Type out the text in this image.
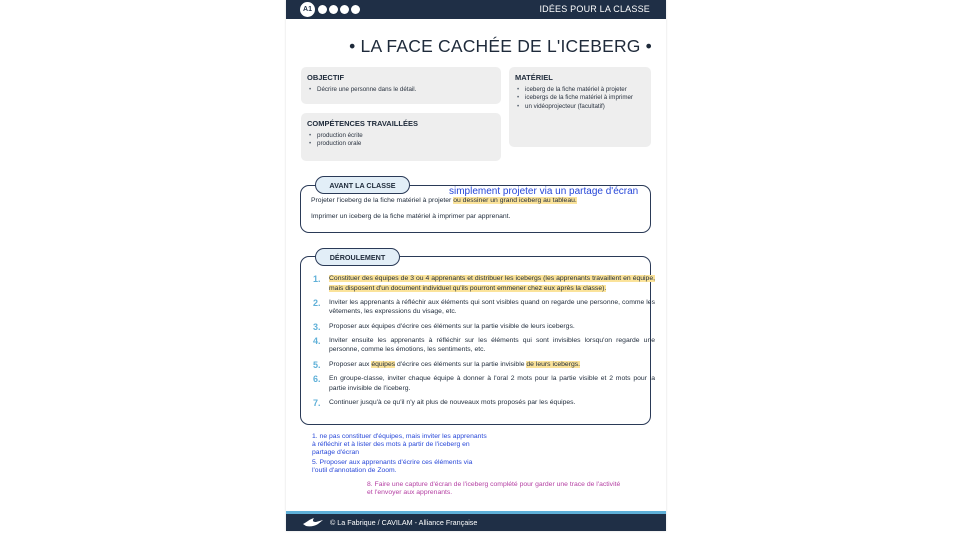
A1	IDÉES POUR LA CLASSE
• LA FACE CACHÉE DE L'ICEBERG •
OBJECTIF
• Décrire une personne dans le détail.
COMPÉTENCES TRAVAILLÉES
• production écrite
• production orale
MATÉRIEL
• iceberg de la fiche matériel à projeter
• icebergs de la fiche matériel à imprimer
• un vidéoprojecteur (facultatif)
Projeter l'iceberg de la fiche matériel à projeter ou dessiner un grand iceberg au tableau.
Imprimer un iceberg de la fiche matériel à imprimer par apprenant.
AVANT LA CLASSE
simplement projeter via un partage d'écran
1. Constituer des équipes de 3 ou 4 apprenants et distribuer les icebergs (les apprenants travaillent en équipe, mais disposent d'un document individuel qu'ils pourront emmener chez eux après la classe).
2. Inviter les apprenants à réfléchir aux éléments qui sont visibles quand on regarde une personne, comme les vêtements, les expressions du visage, etc.
3. Proposer aux équipes d'écrire ces éléments sur la partie visible de leurs icebergs.
4. Inviter ensuite les apprenants à réfléchir sur les éléments qui sont invisibles lorsqu'on regarde une personne, comme les émotions, les sentiments, etc.
5. Proposer aux équipes d'écrire ces éléments sur la partie invisible de leurs icebergs.
6. En groupe-classe, inviter chaque équipe à donner à l'oral 2 mots pour la partie visible et 2 mots pour la partie invisible de l'iceberg.
7. Continuer jusqu'à ce qu'il n'y ait plus de nouveaux mots proposés par les équipes.
DÉROULEMENT
1. ne pas constituer d'équipes, mais inviter les apprenants
à réfléchir et à lister des mots à partir de l'iceberg en
partage d'écran
5. Proposer aux apprenants d'écrire ces éléments via
l'outil d'annotation de Zoom.
8. Faire une capture d'écran de l'iceberg complété pour garder une trace de l'activité
et l'envoyer aux apprenants.
© La Fabrique / CAVILAM - Alliance Française
